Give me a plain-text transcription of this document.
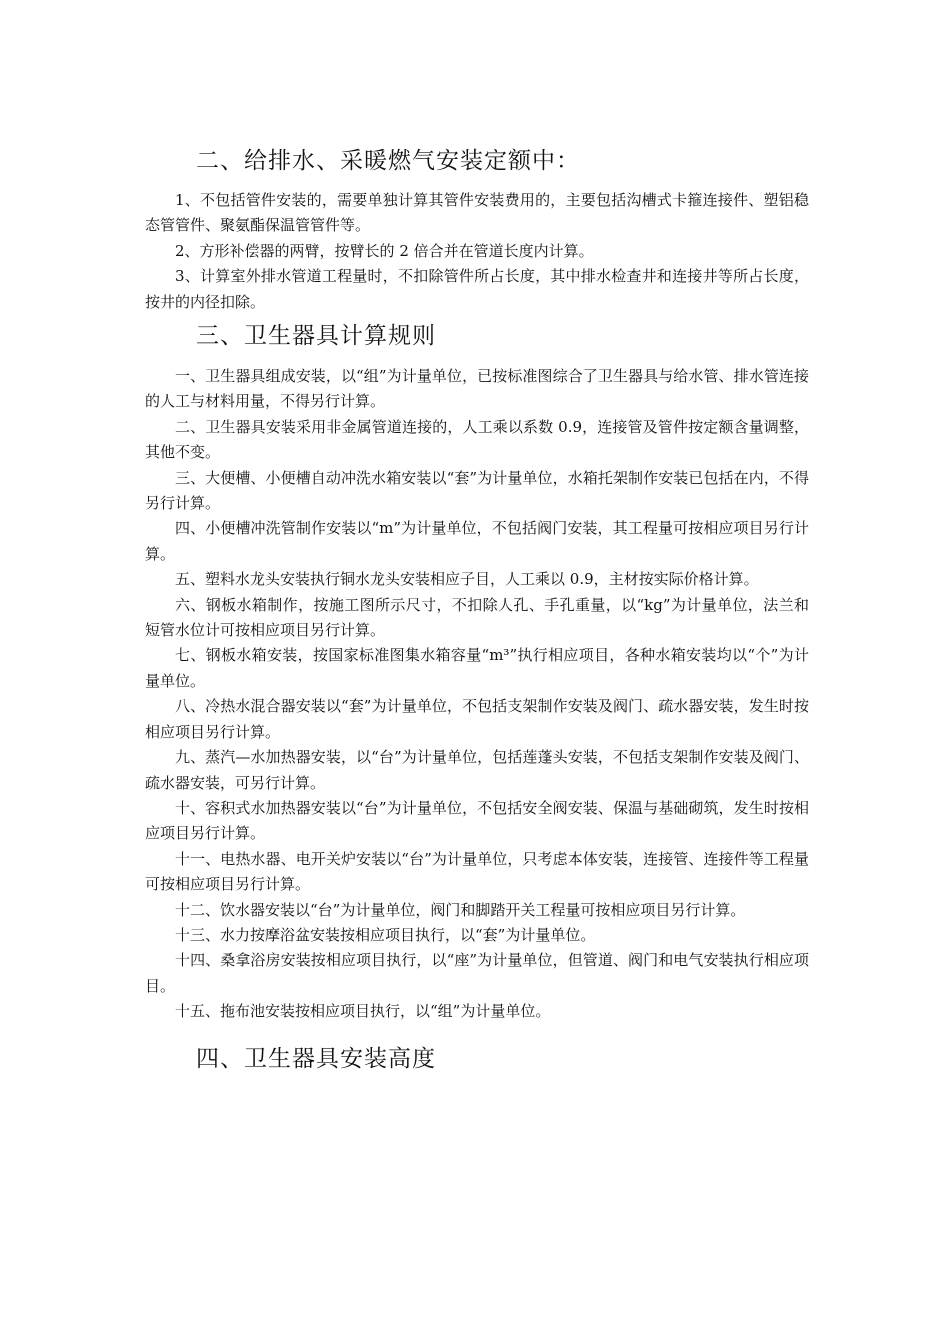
二、给排水、采暖燃气安装定额中：

1、不包括管件安装的，需要单独计算其管件安装费用的，主要包括沟槽式卡箍连接件、塑铝稳态管管件、聚氨酯保温管管件等。

2、方形补偿器的两臂，按臂长的 2 倍合并在管道长度内计算。

3、计算室外排水管道工程量时，不扣除管件所占长度，其中排水检查井和连接井等所占长度，按井的内径扣除。

三、卫生器具计算规则

一、卫生器具组成安装，以“组”为计量单位，已按标准图综合了卫生器具与给水管、排水管连接的人工与材料用量，不得另行计算。

二、卫生器具安装采用非金属管道连接的，人工乘以系数 0.9，连接管及管件按定额含量调整，其他不变。

三、大便槽、小便槽自动冲洗水箱安装以“套”为计量单位，水箱托架制作安装已包括在内，不得另行计算。

四、小便槽冲洗管制作安装以“m”为计量单位，不包括阀门安装，其工程量可按相应项目另行计算。

五、塑料水龙头安装执行铜水龙头安装相应子目，人工乘以 0.9，主材按实际价格计算。

六、钢板水箱制作，按施工图所示尺寸，不扣除人孔、手孔重量，以“kg”为计量单位，法兰和短管水位计可按相应项目另行计算。

七、钢板水箱安装，按国家标准图集水箱容量“m³”执行相应项目，各种水箱安装均以“个”为计量单位。

八、冷热水混合器安装以“套”为计量单位，不包括支架制作安装及阀门、疏水器安装，发生时按相应项目另行计算。

九、蒸汽—水加热器安装，以“台”为计量单位，包括莲蓬头安装，不包括支架制作安装及阀门、疏水器安装，可另行计算。

十、容积式水加热器安装以“台”为计量单位，不包括安全阀安装、保温与基础砌筑，发生时按相应项目另行计算。

十一、电热水器、电开关炉安装以“台”为计量单位，只考虑本体安装，连接管、连接件等工程量可按相应项目另行计算。

十二、饮水器安装以“台”为计量单位，阀门和脚踏开关工程量可按相应项目另行计算。

十三、水力按摩浴盆安装按相应项目执行，以“套”为计量单位。

十四、桑拿浴房安装按相应项目执行，以“座”为计量单位，但管道、阀门和电气安装执行相应项目。

十五、拖布池安装按相应项目执行，以“组”为计量单位。

四、卫生器具安装高度
